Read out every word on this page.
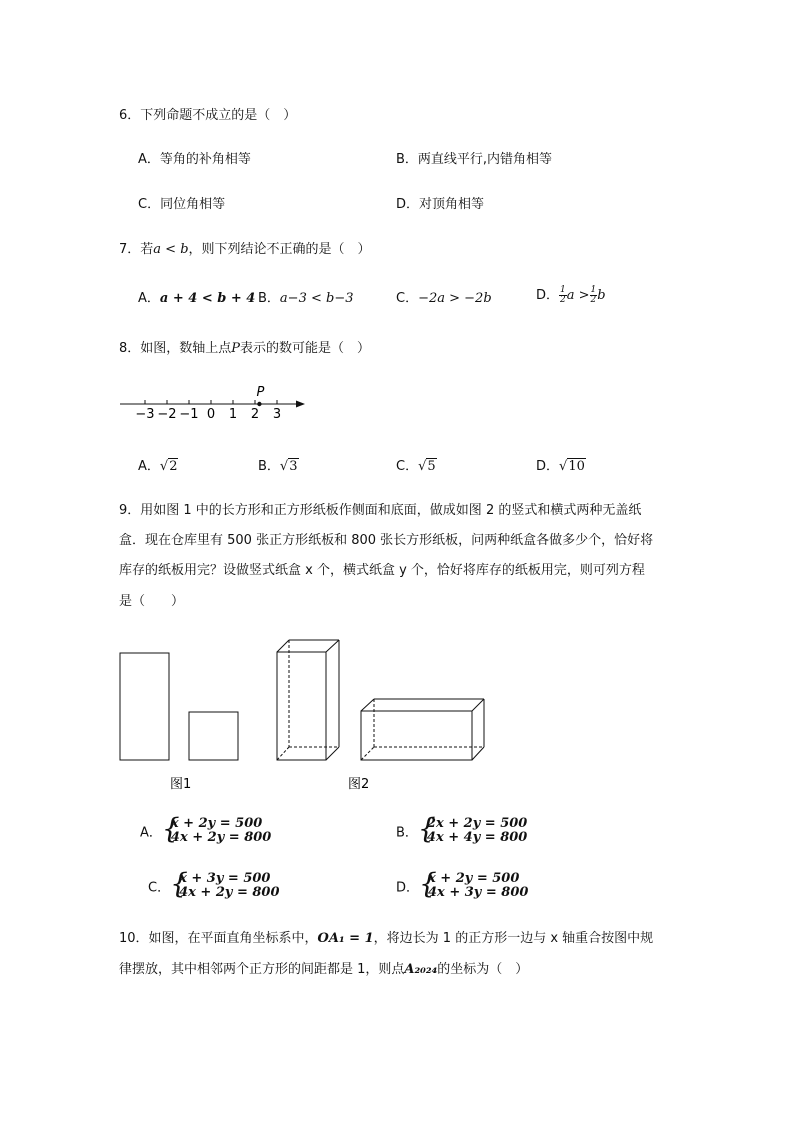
6．下列命题不成立的是（　）
A．等角的补角相等	B．两直线平行,内错角相等
C．同位角相等	D．对顶角相等
7．若a < b，则下列结论不正确的是（　）
A．a + 4 < b + 4 B．a−3 < b−3	C．−2a > −2b	D． $\frac{1}{2}$ $a > \frac{1}{2}$ b
8．如图，数轴上点P表示的数可能是（　）
−3 −2 −1 0 1 2 3
P
A．√2	B．√3	C．√5	D．√10
9．用如图 1 中的长方形和正方形纸板作侧面和底面，做成如图 2 的竖式和横式两种无盖纸
盒．现在仓库里有 500 张正方形纸板和 800 张长方形纸板，问两种纸盒各做多少个，恰好将
库存的纸板用完？设做竖式纸盒 x 个，横式纸盒 y 个，恰好将库存的纸板用完，则可列方程
是（　　）
图1	图2
A． {
x + 2y = 500
4x + 2y = 800	B． {
2x + 2y = 500
4x + 4y = 800
C． {
x + 3y = 500
4x + 2y = 800	D． {
x + 2y = 500
4x + 3y = 800
10．如图，在平面直角坐标系中，OA₁ = 1，将边长为 1 的正方形一边与 x 轴重合按图中规
律摆放，其中相邻两个正方形的间距都是 1，则点A₂₀₂₄的坐标为（　）
